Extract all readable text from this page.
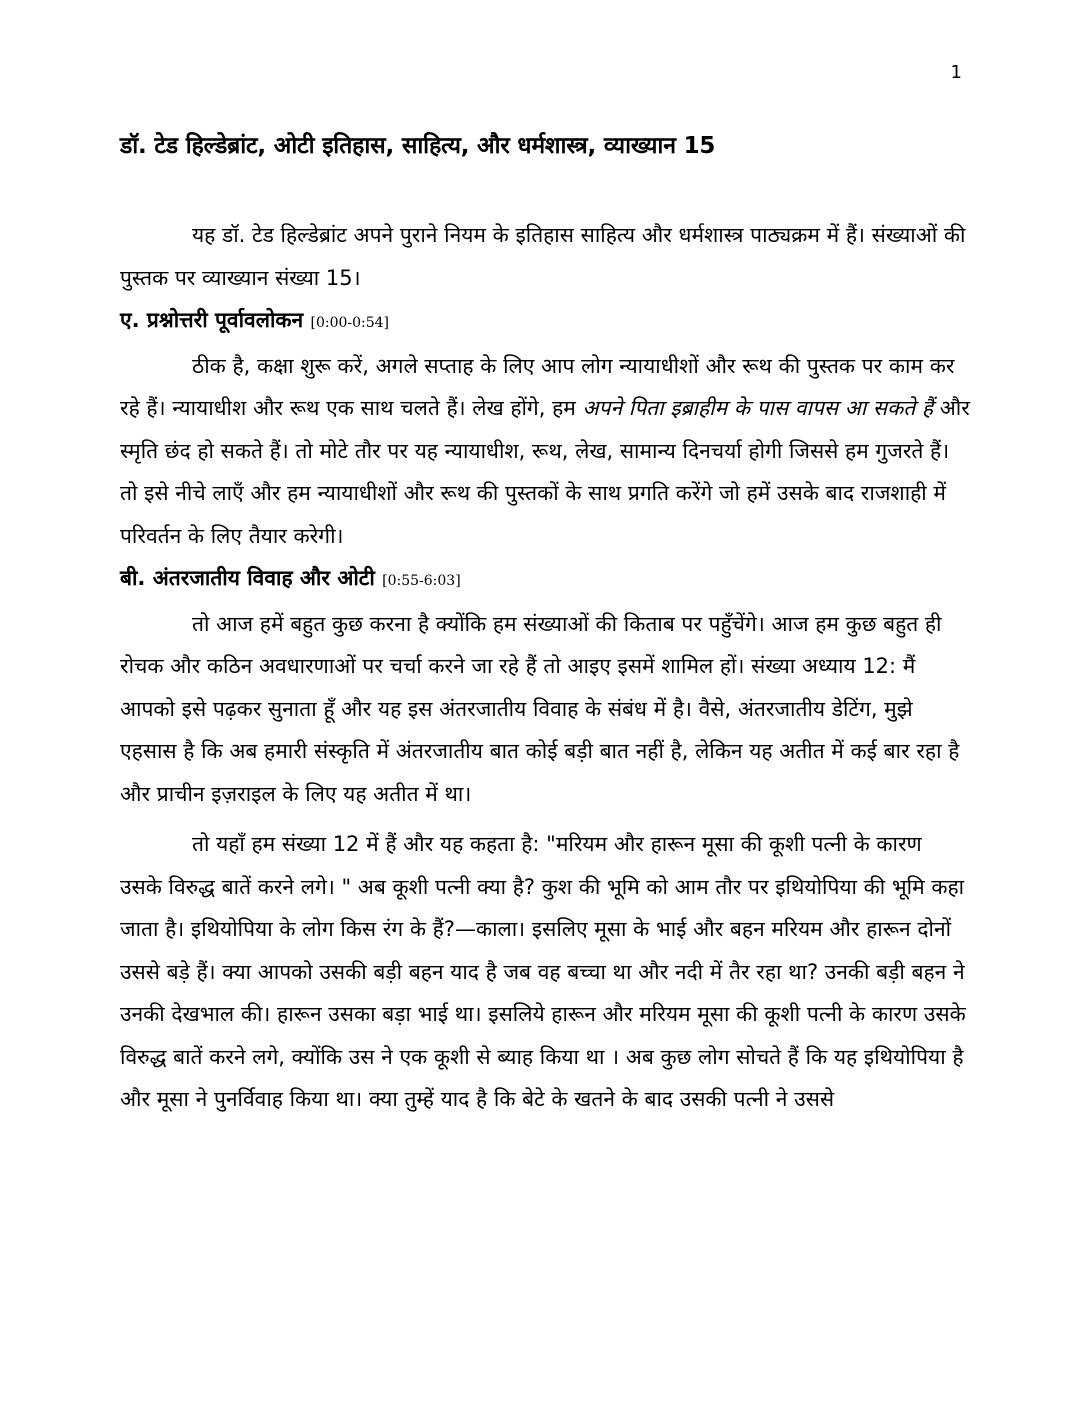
1
डॉ. टेड हिल्डेब्रांट, ओटी इतिहास, साहित्य, और धर्मशास्त्र, व्याख्यान 15

यह डॉ. टेड हिल्डेब्रांट अपने पुराने नियम के इतिहास साहित्य और धर्मशास्त्र पाठ्यक्रम में हैं। संख्याओं की पुस्तक पर व्याख्यान संख्या 15।

ए. प्रश्नोत्तरी पूर्वावलोकन [0:00-0:54]

ठीक है, कक्षा शुरू करें, अगले सप्ताह के लिए आप लोग न्यायाधीशों और रूथ की पुस्तक पर काम कर रहे हैं। न्यायाधीश और रूथ एक साथ चलते हैं। लेख होंगे, हम अपने पिता इब्राहीम के पास वापस आ सकते हैं और स्मृति छंद हो सकते हैं। तो मोटे तौर पर यह न्यायाधीश, रूथ, लेख, सामान्य दिनचर्या होगी जिससे हम गुजरते हैं। तो इसे नीचे लाएँ और हम न्यायाधीशों और रूथ की पुस्तकों के साथ प्रगति करेंगे जो हमें उसके बाद राजशाही में परिवर्तन के लिए तैयार करेगी।

बी. अंतरजातीय विवाह और ओटी [0:55-6:03]

तो आज हमें बहुत कुछ करना है क्योंकि हम संख्याओं की किताब पर पहुँचेंगे। आज हम कुछ बहुत ही रोचक और कठिन अवधारणाओं पर चर्चा करने जा रहे हैं तो आइए इसमें शामिल हों। संख्या अध्याय 12: मैं आपको इसे पढ़कर सुनाता हूँ और यह इस अंतरजातीय विवाह के संबंध में है। वैसे, अंतरजातीय डेटिंग, मुझे एहसास है कि अब हमारी संस्कृति में अंतरजातीय बात कोई बड़ी बात नहीं है, लेकिन यह अतीत में कई बार रहा है और प्राचीन इज़राइल के लिए यह अतीत में था।

तो यहाँ हम संख्या 12 में हैं और यह कहता है: "मरियम और हारून मूसा की कूशी पत्नी के कारण उसके विरुद्ध बातें करने लगे। " अब कूशी पत्नी क्या है? कुश की भूमि को आम तौर पर इथियोपिया की भूमि कहा जाता है। इथियोपिया के लोग किस रंग के हैं?—काला। इसलिए मूसा के भाई और बहन मरियम और हारून दोनों उससे बड़े हैं। क्या आपको उसकी बड़ी बहन याद है जब वह बच्चा था और नदी में तैर रहा था? उनकी बड़ी बहन ने उनकी देखभाल की। हारून उसका बड़ा भाई था। इसलिये हारून और मरियम मूसा की कूशी पत्नी के कारण उसके विरुद्ध बातें करने लगे, क्योंकि उस ने एक कूशी से ब्याह किया था । अब कुछ लोग सोचते हैं कि यह इथियोपिया है और मूसा ने पुनर्विवाह किया था। क्या तुम्हें याद है कि बेटे के खतने के बाद उसकी पत्नी ने उससे
